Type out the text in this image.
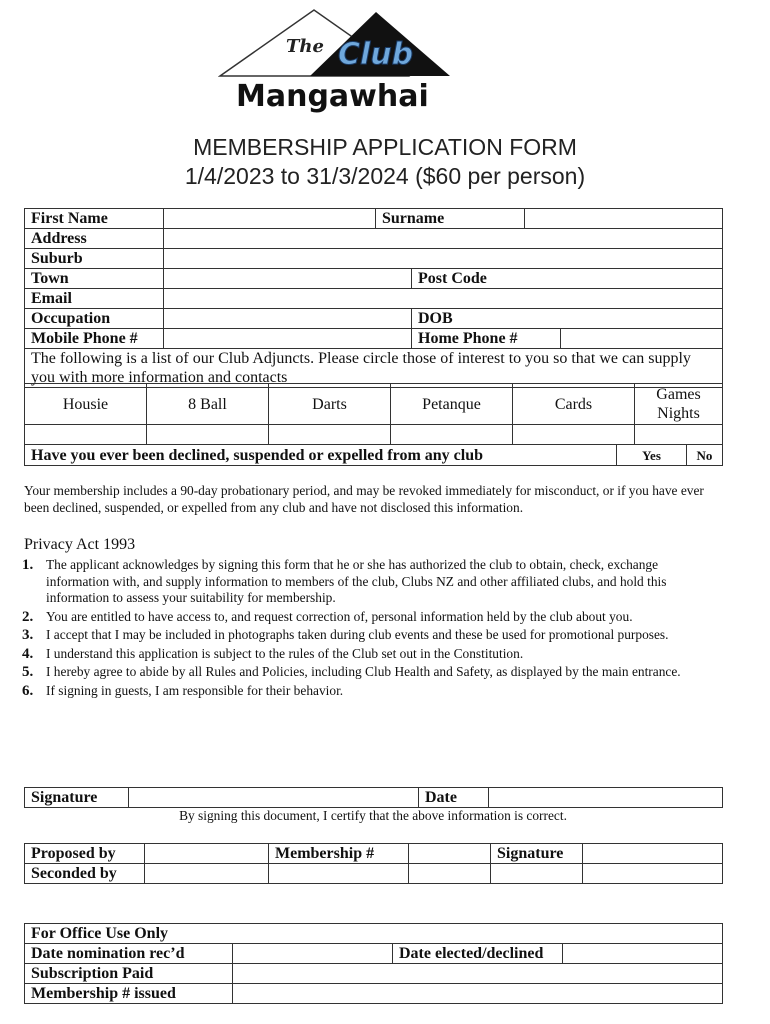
The Club
Mangawhai
MEMBERSHIP APPLICATION FORM
1/4/2023 to 31/3/2024 ($60 per person)
First Name		Surname			
Address					
Suburb					
Town			Post Code		
Email					
Occupation			DOB		
Mobile Phone #			Home Phone #		
The following is a list of our Club Adjuncts. Please circle those of interest to you so that we can supply you with more information and contacts					
Housie	8 Ball	Darts	Petanque	Cards	Games Nights

Have you ever been declined, suspended or expelled from any club	Yes	No
Your membership includes a 90-day probationary period, and may be revoked immediately for misconduct, or if you have ever been declined, suspended, or expelled from any club and have not disclosed this information.
Privacy Act 1993
1. The applicant acknowledges by signing this form that he or she has authorized the club to obtain, check, exchange information with, and supply information to members of the club, Clubs NZ and other affiliated clubs, and hold this information to assess your suitability for membership.
2. You are entitled to have access to, and request correction of, personal information held by the club about you.
3. I accept that I may be included in photographs taken during club events and these be used for promotional purposes.
4. I understand this application is subject to the rules of the Club set out in the Constitution.
5. I hereby agree to abide by all Rules and Policies, including Club Health and Safety, as displayed by the main entrance.
6. If signing in guests, I am responsible for their behavior.
Signature		Date	
By signing this document, I certify that the above information is correct.
Proposed by		Membership #		Signature	
Seconded by					
For Office Use Only			
Date nomination rec’d		Date elected/declined	
Subscription Paid			
Membership # issued			
